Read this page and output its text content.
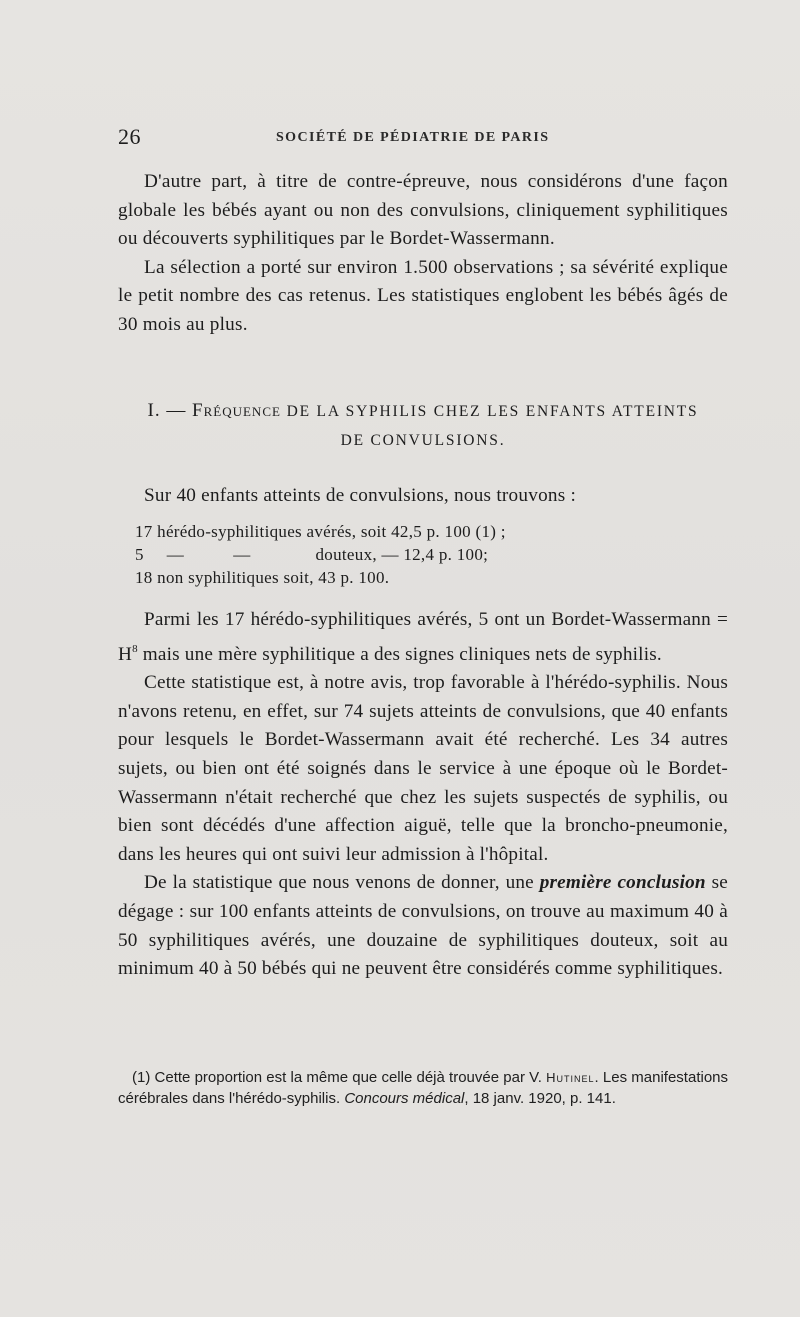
26	SOCIÉTÉ DE PÉDIATRIE DE PARIS

D'autre part, à titre de contre-épreuve, nous considérons d'une façon globale les bébés ayant ou non des convulsions, cliniquement syphilitiques ou découverts syphilitiques par le Bordet-Wassermann.

La sélection a porté sur environ 1.500 observations ; sa sévérité explique le petit nombre des cas retenus. Les statistiques englobent les bébés âgés de 30 mois au plus.

I. — Fréquence DE LA SYPHILIS CHEZ LES ENFANTS ATTEINTS
DE CONVULSIONS.

Sur 40 enfants atteints de convulsions, nous trouvons :

17 hérédo-syphilitiques avérés, soit 42,5 p. 100 (1) ;
5 —	—	douteux, — 12,4 p. 100;
18 non syphilitiques soit, 43 p. 100.

Parmi les 17 hérédo-syphilitiques avérés, 5 ont un Bordet-Wassermann = $H^8$ mais une mère syphilitique a des signes cliniques nets de syphilis.

Cette statistique est, à notre avis, trop favorable à l'hérédo-syphilis. Nous n'avons retenu, en effet, sur 74 sujets atteints de convulsions, que 40 enfants pour lesquels le Bordet-Wassermann avait été recherché. Les 34 autres sujets, ou bien ont été soignés dans le service à une époque où le Bordet-Wassermann n'était recherché que chez les sujets suspectés de syphilis, ou bien sont décédés d'une affection aiguë, telle que la broncho-pneumonie, dans les heures qui ont suivi leur admission à l'hôpital.

De la statistique que nous venons de donner, une première conclusion se dégage : sur 100 enfants atteints de convulsions, on trouve au maximum 40 à 50 syphilitiques avérés, une douzaine de syphilitiques douteux, soit au minimum 40 à 50 bébés qui ne peuvent être considérés comme syphilitiques.

(1) Cette proportion est la même que celle déjà trouvée par V. Hutinel. Les manifestations cérébrales dans l'hérédo-syphilis. Concours médical, 18 janv. 1920, p. 141.
